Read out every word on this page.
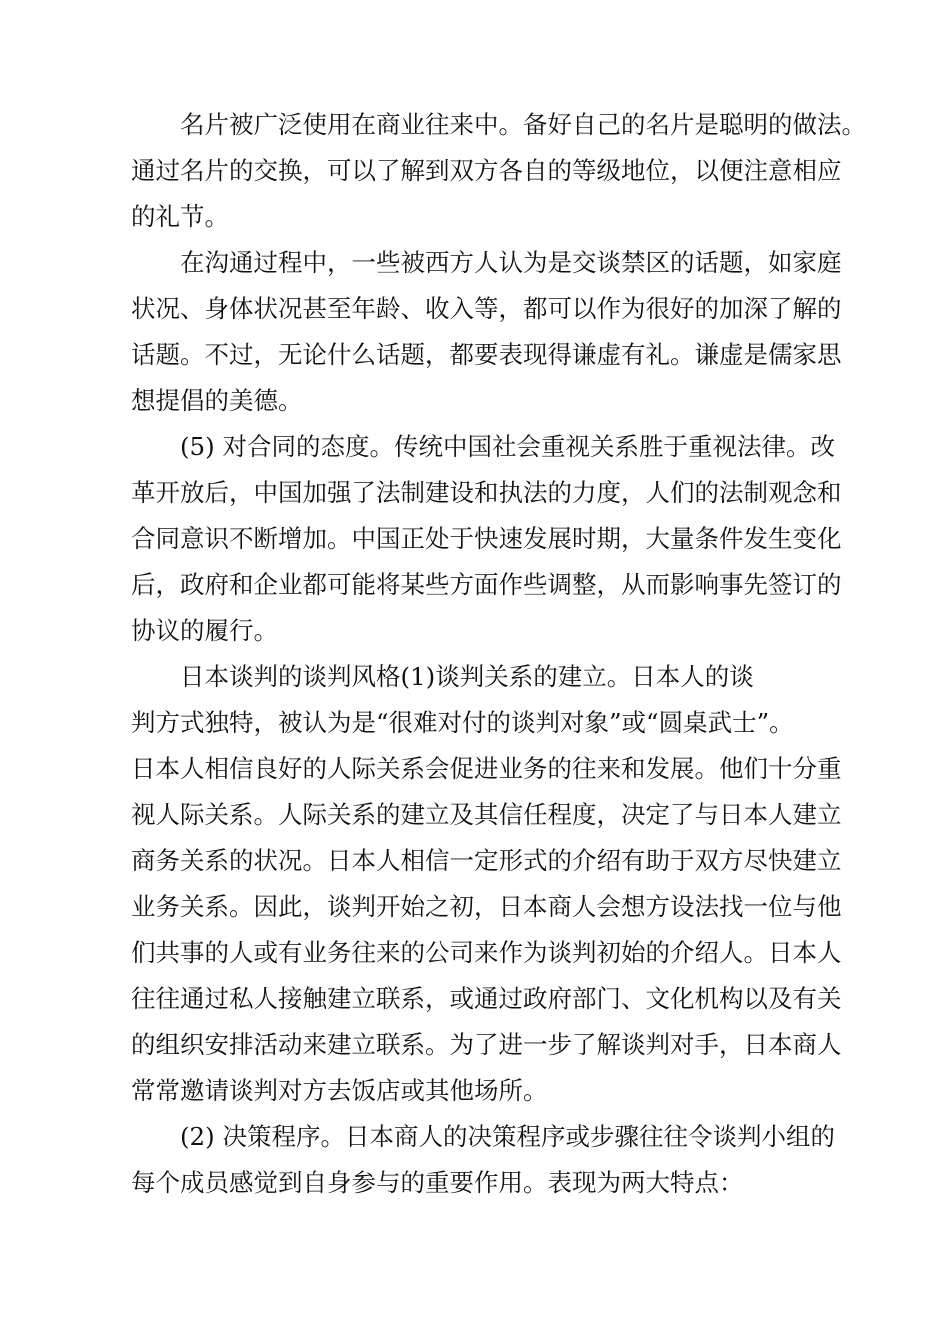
名片被广泛使用在商业往来中。备好自己的名片是聪明的做法。
通过名片的交换，可以了解到双方各自的等级地位，以便注意相应
的礼节。
在沟通过程中，一些被西方人认为是交谈禁区的话题，如家庭
状况、身体状况甚至年龄、收入等，都可以作为很好的加深了解的
话题。不过，无论什么话题，都要表现得谦虚有礼。谦虚是儒家思
想提倡的美德。
(5) 对合同的态度。传统中国社会重视关系胜于重视法律。改
革开放后，中国加强了法制建设和执法的力度，人们的法制观念和
合同意识不断增加。中国正处于快速发展时期，大量条件发生变化
后，政府和企业都可能将某些方面作些调整，从而影响事先签订的
协议的履行。
日本谈判的谈判风格(1)谈判关系的建立。日本人的谈
判方式独特，被认为是“很难对付的谈判对象”或“圆桌武士”。
日本人相信良好的人际关系会促进业务的往来和发展。他们十分重
视人际关系。人际关系的建立及其信任程度，决定了与日本人建立
商务关系的状况。日本人相信一定形式的介绍有助于双方尽快建立
业务关系。因此，谈判开始之初，日本商人会想方设法找一位与他
们共事的人或有业务往来的公司来作为谈判初始的介绍人。日本人
往往通过私人接触建立联系，或通过政府部门、文化机构以及有关
的组织安排活动来建立联系。为了进一步了解谈判对手，日本商人
常常邀请谈判对方去饭店或其他场所。
(2) 决策程序。日本商人的决策程序或步骤往往令谈判小组的
每个成员感觉到自身参与的重要作用。表现为两大特点：
